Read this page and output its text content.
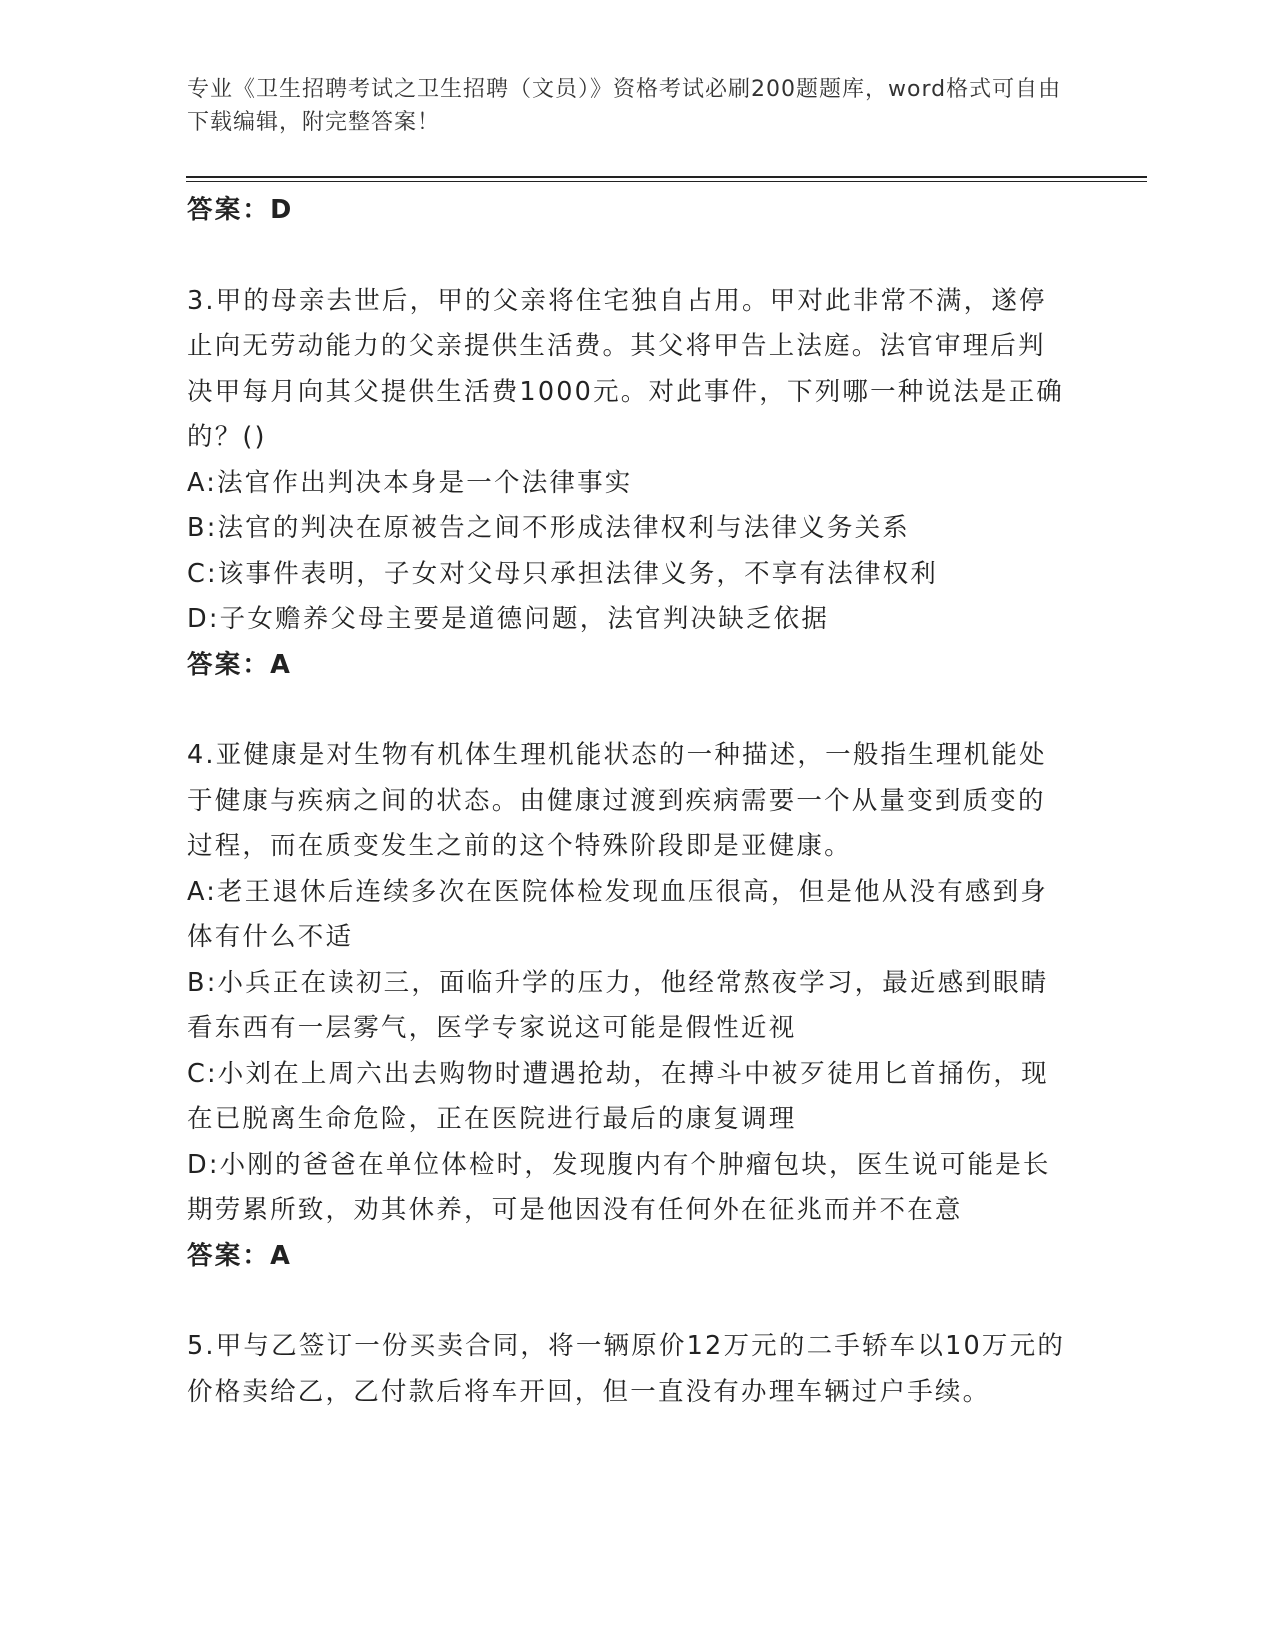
专业《卫生招聘考试之卫生招聘（文员）》资格考试必刷200题题库，word格式可自由下载编辑，附完整答案！

答案：D

3.甲的母亲去世后，甲的父亲将住宅独自占用。甲对此非常不满，遂停止向无劳动能力的父亲提供生活费。其父将甲告上法庭。法官审理后判决甲每月向其父提供生活费1000元。对此事件，下列哪一种说法是正确的？()

A:法官作出判决本身是一个法律事实

B:法官的判决在原被告之间不形成法律权利与法律义务关系

C:该事件表明，子女对父母只承担法律义务，不享有法律权利

D:子女赡养父母主要是道德问题，法官判决缺乏依据

答案：A

4.亚健康是对生物有机体生理机能状态的一种描述，一般指生理机能处于健康与疾病之间的状态。由健康过渡到疾病需要一个从量变到质变的过程，而在质变发生之前的这个特殊阶段即是亚健康。

A:老王退休后连续多次在医院体检发现血压很高，但是他从没有感到身体有什么不适

B:小兵正在读初三，面临升学的压力，他经常熬夜学习，最近感到眼睛看东西有一层雾气，医学专家说这可能是假性近视

C:小刘在上周六出去购物时遭遇抢劫，在搏斗中被歹徒用匕首捅伤，现在已脱离生命危险，正在医院进行最后的康复调理

D:小刚的爸爸在单位体检时，发现腹内有个肿瘤包块，医生说可能是长期劳累所致，劝其休养，可是他因没有任何外在征兆而并不在意

答案：A

5.甲与乙签订一份买卖合同，将一辆原价12万元的二手轿车以10万元的价格卖给乙，乙付款后将车开回，但一直没有办理车辆过户手续。
